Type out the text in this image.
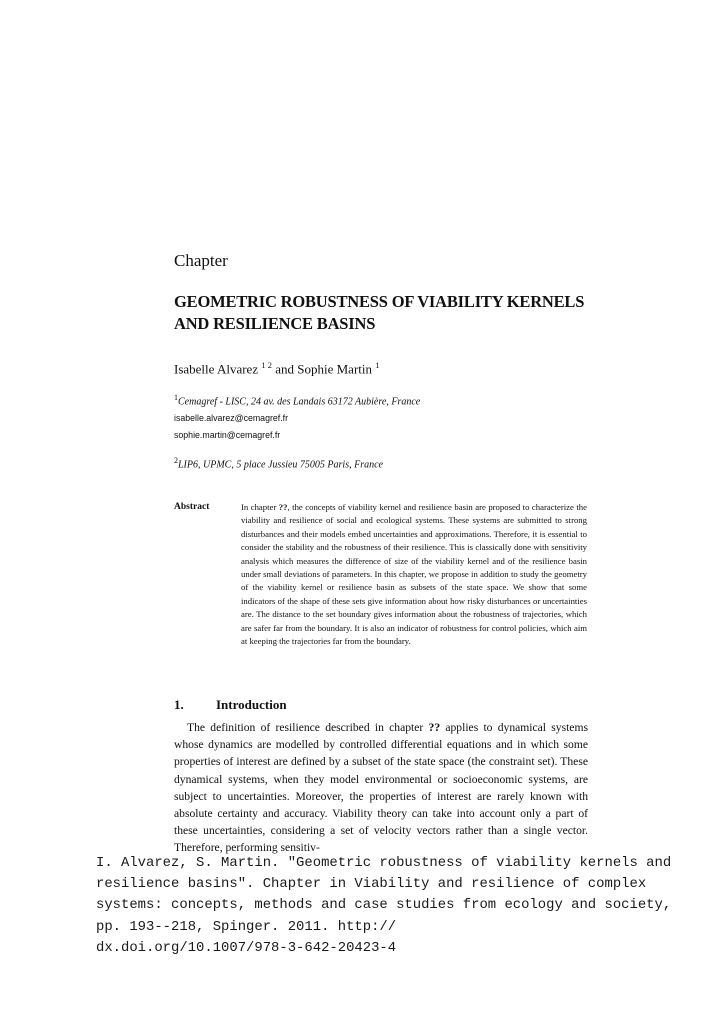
Chapter
GEOMETRIC ROBUSTNESS OF VIABILITY KERNELS
AND RESILIENCE BASINS
Isabelle Alvarez $^{1 2}$ and Sophie Martin $^1$
$^1$Cemagref - LISC, 24 av. des Landais 63172 Aubière, France
isabelle.alvarez@cemagref.fr
sophie.martin@cemagref.fr
$^2$LIP6, UPMC, 5 place Jussieu 75005 Paris, France
Abstract	In chapter ??, the concepts of viability kernel and resilience basin are proposed to characterize the viability and resilience of social and ecological systems. These systems are submitted to strong disturbances and their models embed uncertainties and approximations. Therefore, it is essential to consider the stability and the robustness of their resilience. This is classically done with sensitivity analysis which measures the difference of size of the viability kernel and of the resilience basin under small deviations of parameters. In this chapter, we propose in addition to study the geometry of the viability kernel or resilience basin as subsets of the state space. We show that some indicators of the shape of these sets give information about how risky disturbances or uncertainties are. The distance to the set boundary gives information about the robustness of trajectories, which are safer far from the boundary. It is also an indicator of robustness for control policies, which aim at keeping the trajectories far from the boundary.
1. Introduction
The definition of resilience described in chapter ?? applies to dynamical systems whose dynamics are modelled by controlled differential equations and in which some properties of interest are defined by a subset of the state space (the constraint set). These dynamical systems, when they model environmental or socioeconomic systems, are subject to uncertainties. Moreover, the properties of interest are rarely known with absolute certainty and accuracy. Viability theory can take into account only a part of these uncertainties, considering a set of velocity vectors rather than a single vector. Therefore, performing sensitiv-
I. Alvarez, S. Martin. "Geometric robustness of viability kernels and
resilience basins". Chapter in Viability and resilience of complex
systems: concepts, methods and case studies from ecology and society,
pp. 193--218, Spinger. 2011. http://
dx.doi.org/10.1007/978-3-642-20423-4
